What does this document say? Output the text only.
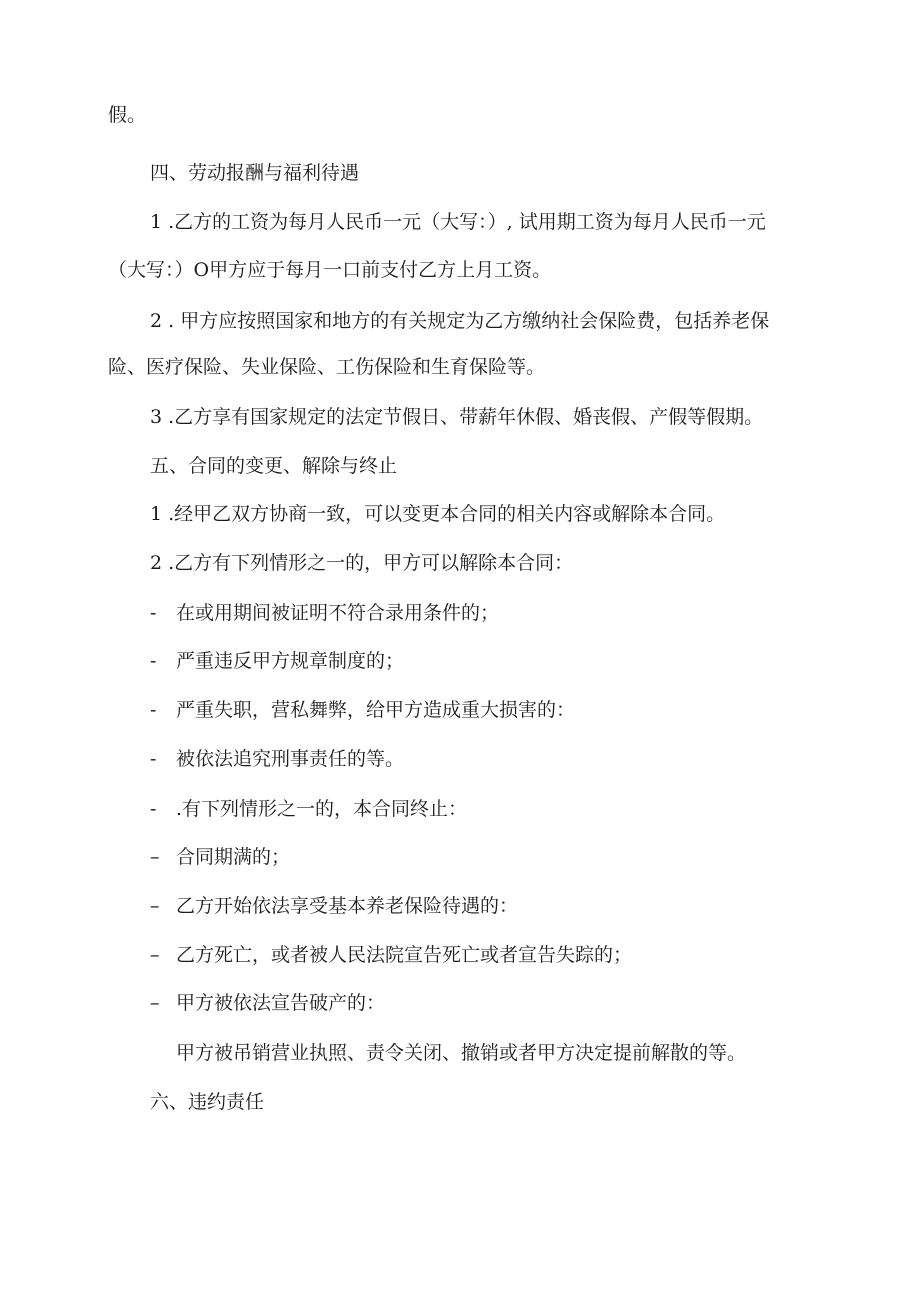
假。
四、劳动报酬与福利待遇
1 .乙方的工资为每月人民币一元（大写：）, 试用期工资为每月人民币一元
（大写：）O甲方应于每月一口前支付乙方上月工资。
2 . 甲方应按照国家和地方的有关规定为乙方缴纳社会保险费，包括养老保
险、医疗保险、失业保险、工伤保险和生育保险等。
3 .乙方享有国家规定的法定节假日、带薪年休假、婚丧假、产假等假期。
五、合同的变更、解除与终止
1 .经甲乙双方协商一致，可以变更本合同的相关内容或解除本合同。
2 .乙方有下列情形之一的，甲方可以解除本合同：
- 在或用期间被证明不符合录用条件的；
- 严重违反甲方规章制度的；
- 严重失职，营私舞弊，给甲方造成重大损害的：
- 被依法追究刑事责任的等。
- .有下列情形之一的，本合同终止：
– 合同期满的；
– 乙方开始依法享受基本养老保险待遇的：
– 乙方死亡，或者被人民法院宣告死亡或者宣告失踪的；
– 甲方被依法宣告破产的：
甲方被吊销营业执照、责令关闭、撤销或者甲方决定提前解散的等。
六、违约责任
